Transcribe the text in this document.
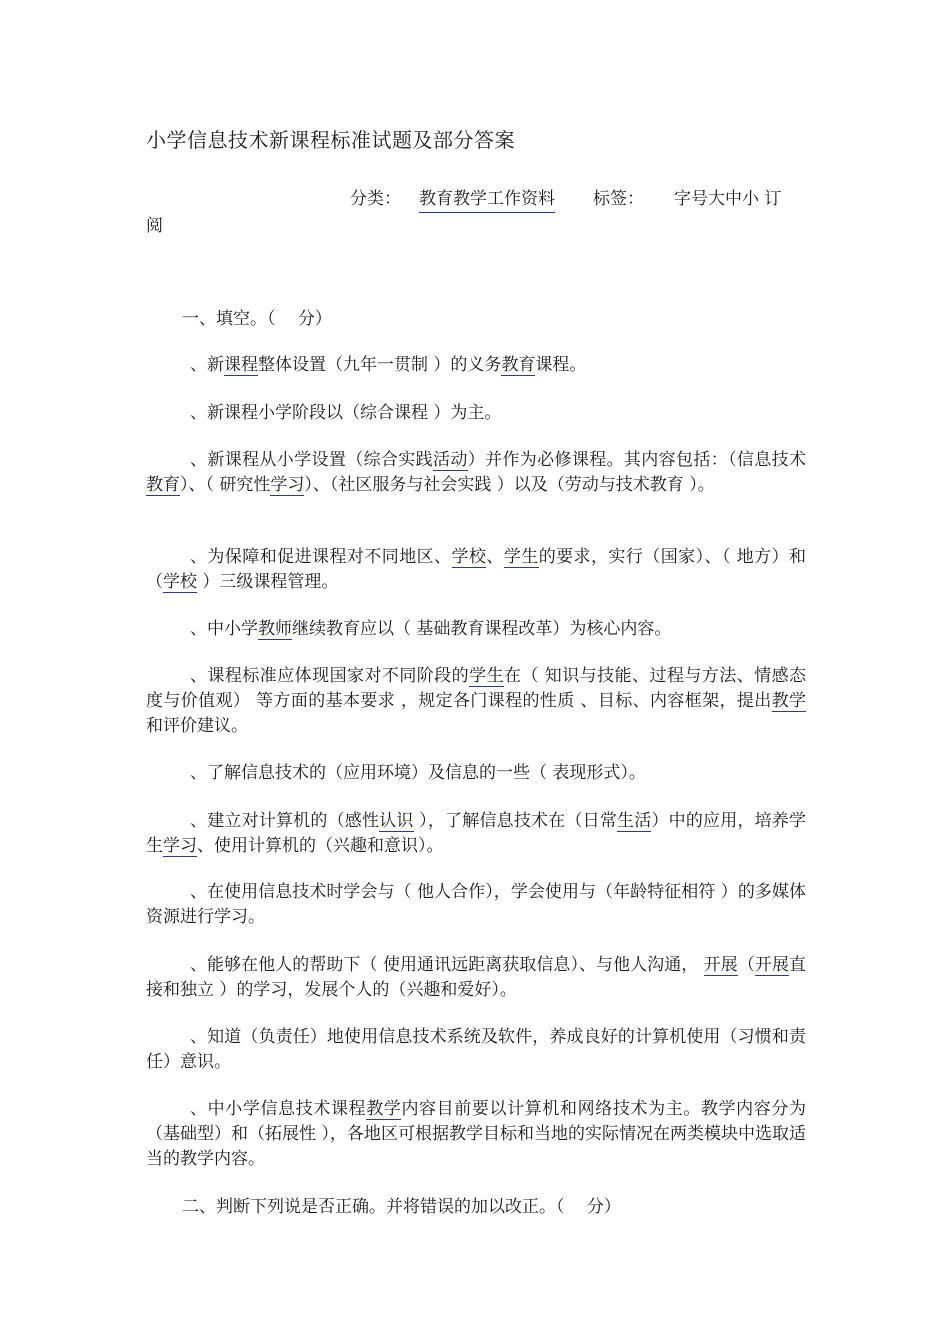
小学信息技术新课程标准试题及部分答案
分类： 教育教学工作资料 标签： 字号大中小 订
阅
一、填空。（　 分）
、新课程整体设置（九年一贯制 ）的义务教育课程。
、新课程小学阶段以（综合课程 ）为主。
、新课程从小学设置（综合实践活动）并作为必修课程。其内容包括：（信息技术教育）、（ 研究性学习）、（社区服务与社会实践 ）以及（劳动与技术教育 ）。
、为保障和促进课程对不同地区、学校、学生的要求，实行（国家）、（ 地方）和（学校 ）三级课程管理。
、中小学教师继续教育应以（ 基础教育课程改革）为核心内容。
、课程标准应体现国家对不同阶段的学生在（ 知识与技能、过程与方法、情感态度与价值观） 等方面的基本要求 ，规定各门课程的性质 、目标、内容框架，提出教学和评价建议。
、了解信息技术的（应用环境）及信息的一些（ 表现形式）。
、建立对计算机的（感性认识 ），了解信息技术在（日常生活）中的应用，培养学生学习、使用计算机的（兴趣和意识）。
、在使用信息技术时学会与（ 他人合作），学会使用与（年龄特征相符 ）的多媒体资源进行学习。
、能够在他人的帮助下（ 使用通讯远距离获取信息）、与他人沟通， 开展（开展直接和独立 ）的学习，发展个人的（兴趣和爱好）。
、知道（负责任）地使用信息技术系统及软件，养成良好的计算机使用（习惯和责任）意识。
、中小学信息技术课程教学内容目前要以计算机和网络技术为主。教学内容分为（基础型）和（拓展性 ），各地区可根据教学目标和当地的实际情况在两类模块中选取适当的教学内容。
二、判断下列说是否正确。并将错误的加以改正。（　 分）
